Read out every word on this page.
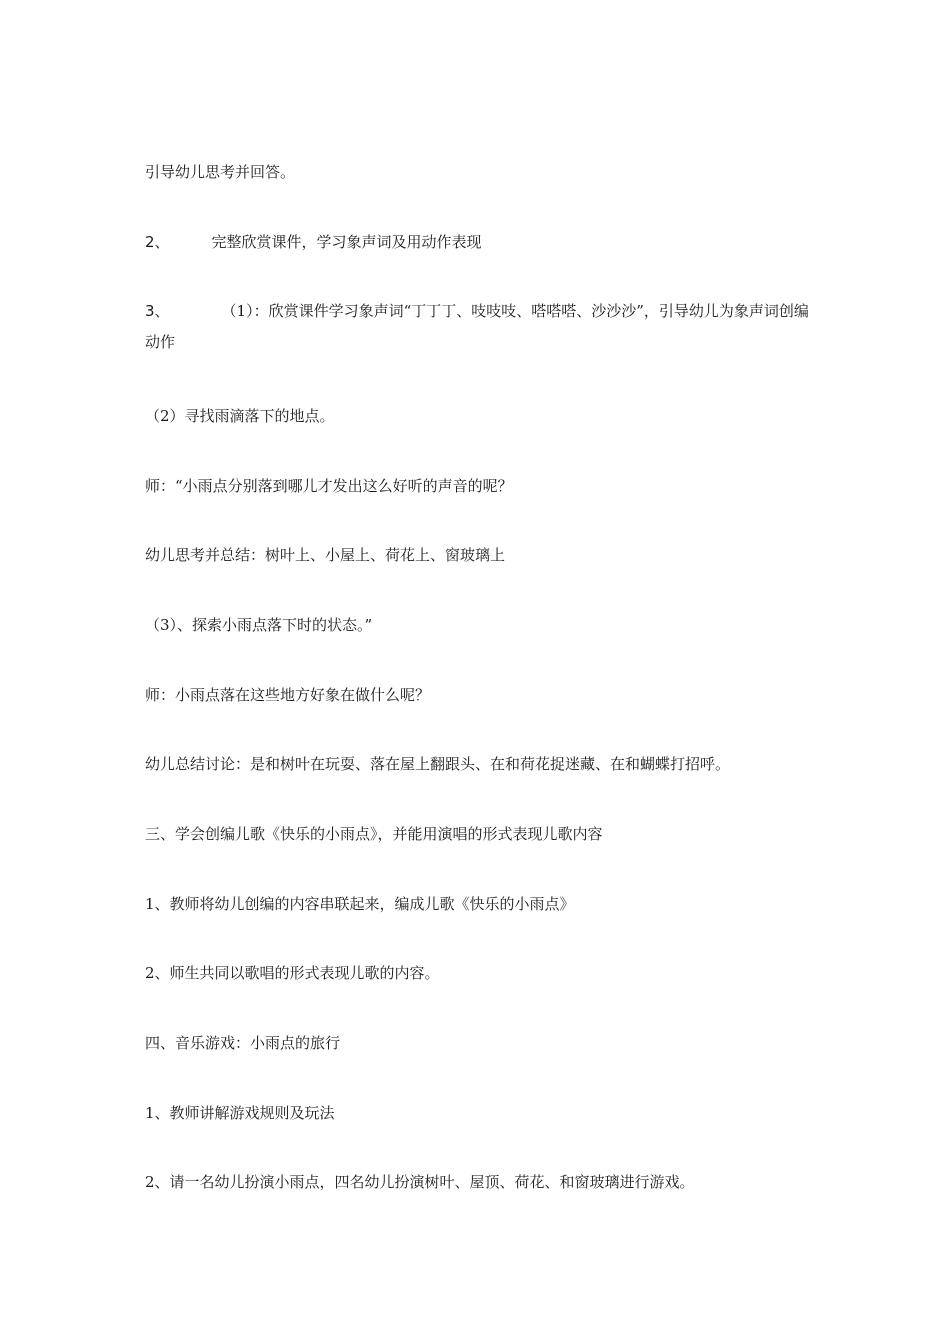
引导幼儿思考并回答。
2、	完整欣赏课件，学习象声词及用动作表现
3、	（1）：欣赏课件学习象声词“丁丁丁、吱吱吱、嗒嗒嗒、沙沙沙”，引导幼儿为象声词创编动作
（2）寻找雨滴落下的地点。
师：“小雨点分别落到哪儿才发出这么好听的声音的呢？
幼儿思考并总结：树叶上、小屋上、荷花上、窗玻璃上
（3）、探索小雨点落下时的状态。”
师：小雨点落在这些地方好象在做什么呢？
幼儿总结讨论：是和树叶在玩耍、落在屋上翻跟头、在和荷花捉迷藏、在和蝴蝶打招呼。
三、学会创编儿歌《快乐的小雨点》，并能用演唱的形式表现儿歌内容
1、教师将幼儿创编的内容串联起来，编成儿歌《快乐的小雨点》
2、师生共同以歌唱的形式表现儿歌的内容。
四、音乐游戏：小雨点的旅行
1、教师讲解游戏规则及玩法
2、请一名幼儿扮演小雨点，四名幼儿扮演树叶、屋顶、荷花、和窗玻璃进行游戏。
